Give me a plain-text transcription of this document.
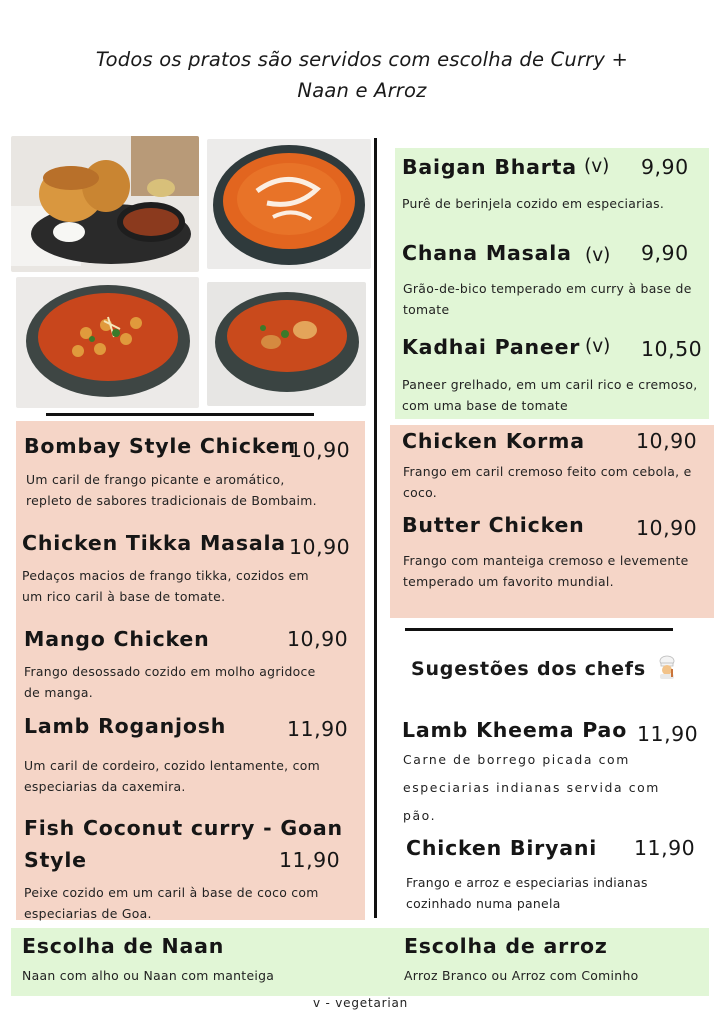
Todos os pratos são servidos com escolha de Curry +
Naan e Arroz
Bombay Style Chicken
10,90
Um caril de frango picante e aromático,
repleto de sabores tradicionais de Bombaim.
Chicken Tikka Masala 10,90
Pedaços macios de frango tikka, cozidos em
um rico caril à base de tomate.
Mango Chicken	10,90
Frango desossado cozido em molho agridoce
de manga.
Lamb Roganjosh	11,90
Um caril de cordeiro, cozido lentamente, com
especiarias da caxemira.
Fish Coconut curry - Goan
Style	11,90
Peixe cozido em um caril à base de coco com
especiarias de Goa.
Baigan Bharta (v) 9,90
Purê de berinjela cozido em especiarias.
Chana Masala (v) 9,90
Grão-de-bico temperado em curry à base de
tomate
Kadhai Paneer (v) 10,50
Paneer grelhado, em um caril rico e cremoso,
com uma base de tomate
Chicken Korma 10,90
Frango em caril cremoso feito com cebola, e
coco.
Butter Chicken	10,90
Frango com manteiga cremoso e levemente
temperado um favorito mundial.
Sugestões dos chefs
Lamb Kheema Pao 11,90
Carne de borrego picada com
especiarias indianas servida com
pão.
Chicken Biryani 11,90
Frango e arroz e especiarias indianas
cozinhado numa panela
Escolha de Naan
Naan com alho ou Naan com manteiga
Escolha de arroz
Arroz Branco ou Arroz com Cominho
v - vegetarian
